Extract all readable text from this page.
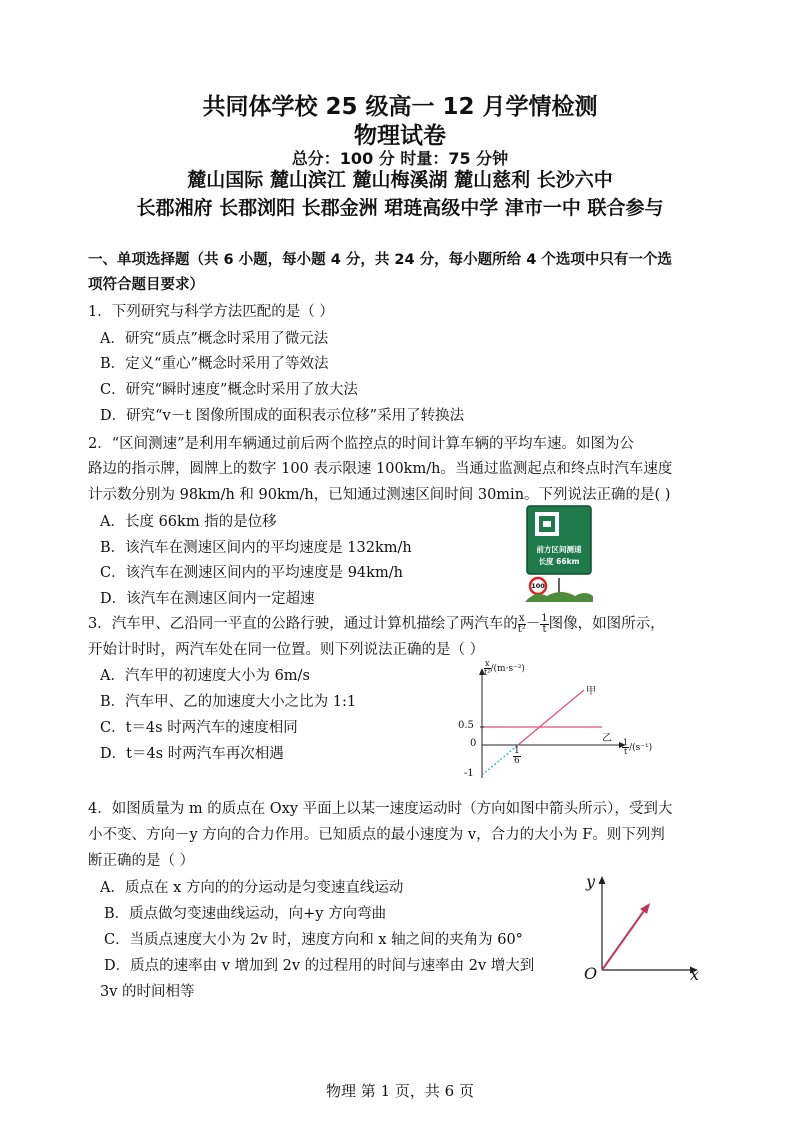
共同体学校 25 级高一 12 月学情检测
物理试卷
总分：100 分 时量：75 分钟
麓山国际 麓山滨江 麓山梅溪湖 麓山慈利 长沙六中
长郡湘府 长郡浏阳 长郡金洲 珺琏高级中学 津市一中 联合参与
一、单项选择题（共 6 小题，每小题 4 分，共 24 分，每小题所给 4 个选项中只有一个选
项符合题目要求）
1．下列研究与科学方法匹配的是（ ）
A．研究“质点”概念时采用了微元法
B．定义“重心”概念时采用了等效法
C．研究“瞬时速度”概念时采用了放大法
D．研究“v－t 图像所围成的面积表示位移”采用了转换法
2．“区间测速”是利用车辆通过前后两个监控点的时间计算车辆的平均车速。如图为公
路边的指示牌，圆牌上的数字 100 表示限速 100km/h。当通过监测起点和终点时汽车速度
计示数分别为 98km/h 和 90km/h，已知通过测速区间时间 30min。下列说法正确的是( )
A．长度 66km 指的是位移
B．该汽车在测速区间内的平均速度是 132km/h
C．该汽车在测速区间内的平均速度是 94km/h
D．该汽车在测速区间内一定超速
前方区间测速
长度 66km
100
3．汽车甲、乙沿同一平直的公路行驶，通过计算机描绘了两汽车的 $\frac{x}{\text{t²}} - \frac{1}{t}$ 图像，如图所示，
开始计时时，两汽车处在同一位置。则下列说法正确的是（ ）
A．汽车甲的初速度大小为 6m/s
B．汽车甲、乙的加速度大小之比为 1:1
C．t＝4s 时两汽车的速度相同
D．t＝4s 时两汽车再次相遇
$\frac{x}{\text{t²}} /(m\cdot s^{-2})$
$\frac{1}{t} /(s^{-1})$
0.5
0
-1
$\frac{1}{6}$
甲
乙
4．如图质量为 m 的质点在 Oxy 平面上以某一速度运动时（方向如图中箭头所示），受到大
小不变、方向－y 方向的合力作用。已知质点的最小速度为 v，合力的大小为 F。则下列判
断正确的是（ ）
A．质点在 x 方向的的分运动是匀变速直线运动
B．质点做匀变速曲线运动，向+y 方向弯曲
C．当质点速度大小为 2v 时，速度方向和 x 轴之间的夹角为 60°
D．质点的速率由 v 增加到 2v 的过程用的时间与速率由 2v 增大到
3v 的时间相等
y
x
O
物理 第 1 页，共 6 页
